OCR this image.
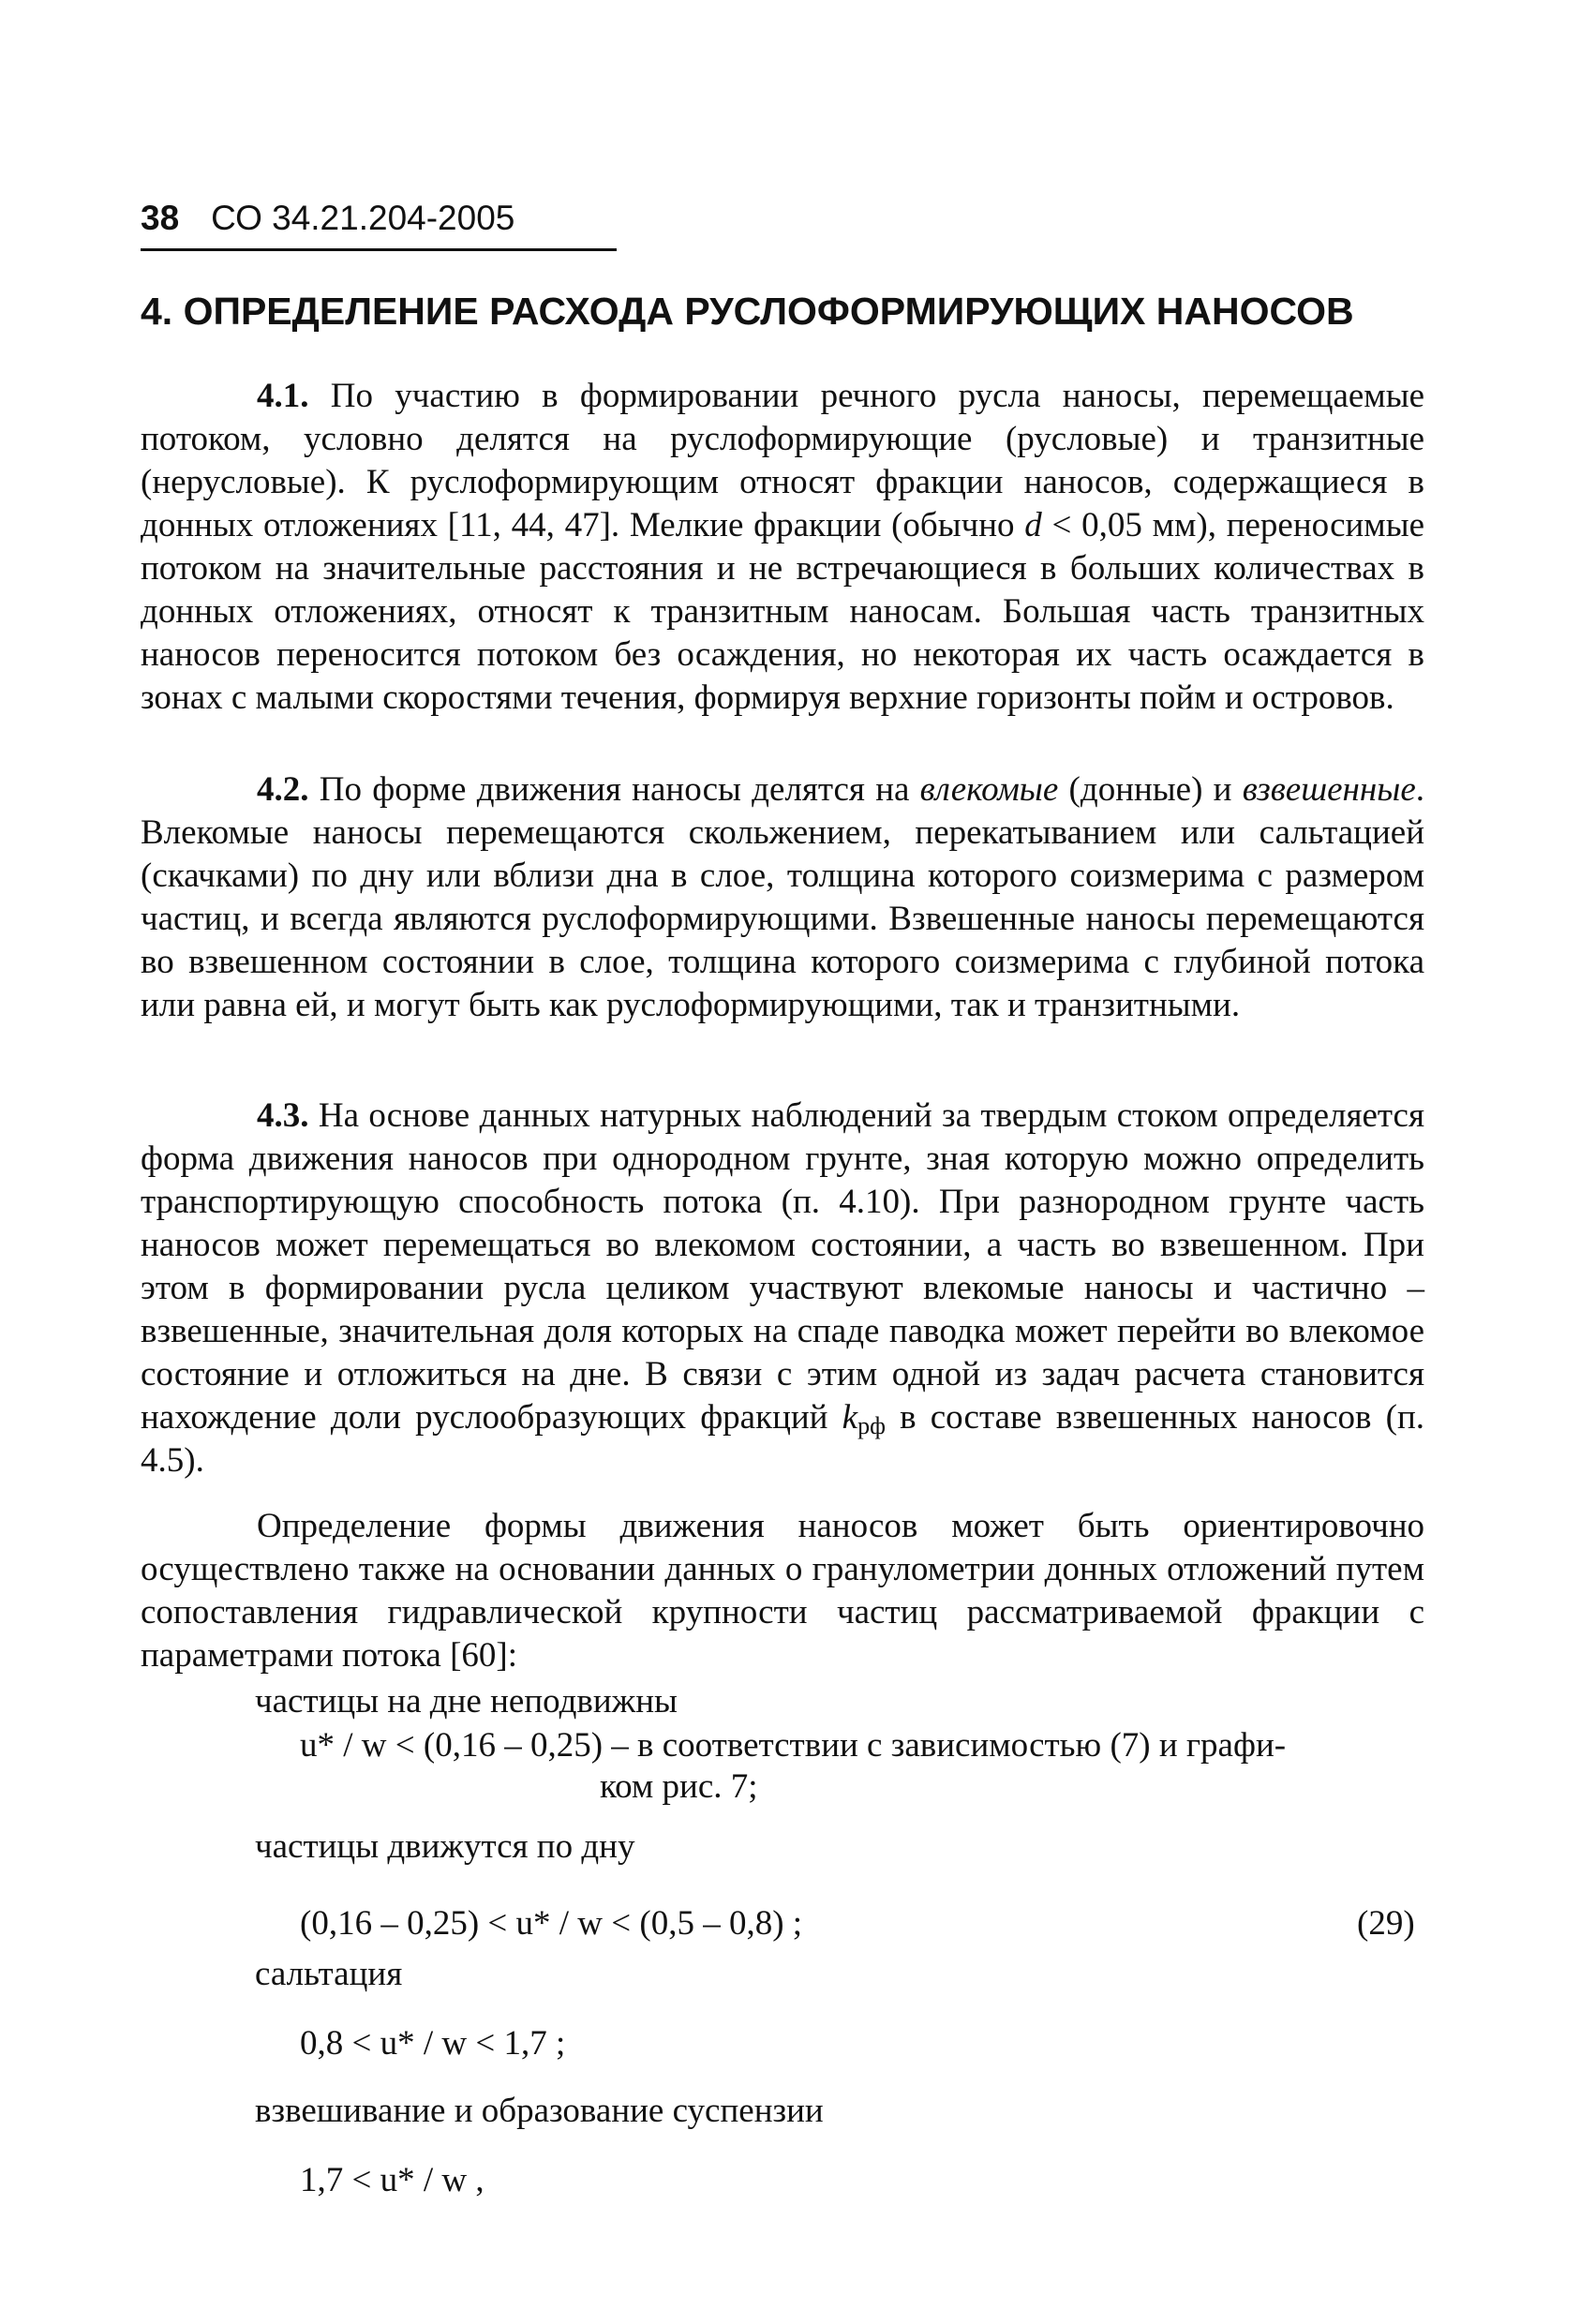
38 СО 34.21.204-2005
4. ОПРЕДЕЛЕНИЕ РАСХОДА РУСЛОФОРМИРУЮЩИХ НАНОСОВ
4.1. По участию в формировании речного русла наносы, перемещаемые потоком, условно делятся на руслоформирующие (русловые) и транзитные (нерусловые). К руслоформирующим относят фракции наносов, содержащиеся в донных отложениях [11, 44, 47]. Мелкие фракции (обычно d < 0,05 мм), переносимые потоком на значительные расстояния и не встречающиеся в больших количествах в донных отложениях, относят к транзитным наносам. Большая часть транзитных наносов переносится потоком без осаждения, но некоторая их часть осаждается в зонах с малыми скоростями течения, формируя верхние горизонты пойм и островов.
4.2. По форме движения наносы делятся на влекомые (донные) и взвешенные. Влекомые наносы перемещаются скольжением, перекатыванием или сальтацией (скачками) по дну или вблизи дна в слое, толщина которого соизмерима с размером частиц, и всегда являются руслоформирующими. Взвешенные наносы перемещаются во взвешенном состоянии в слое, толщина которого соизмерима с глубиной потока или равна ей, и могут быть как руслоформирующими, так и транзитными.
4.3. На основе данных натурных наблюдений за твердым стоком определяется форма движения наносов при однородном грунте, зная которую можно определить транспортирующую способность потока (п. 4.10). При разнородном грунте часть наносов может перемещаться во влекомом состоянии, а часть во взвешенном. При этом в формировании русла целиком участвуют влекомые наносы и частично – взвешенные, значительная доля которых на спаде паводка может перейти во влекомое состояние и отложиться на дне. В связи с этим одной из задач расчета становится нахождение доли руслообразующих фракций $k_{рф}$ в составе взвешенных наносов (п. 4.5).
Определение формы движения наносов может быть ориентировочно осуществлено также на основании данных о гранулометрии донных отложений путем сопоставления гидравлической крупности частиц рассматриваемой фракции с параметрами потока [60]:
частицы на дне неподвижны
u* / w < (0,16 – 0,25) – в соответствии с зависимостью (7) и графи-
ком рис. 7;
частицы движутся по дну
(0,16 – 0,25) < u* / w < (0,5 – 0,8) ;	(29)
сальтация
0,8 < u* / w < 1,7 ;
взвешивание и образование суспензии
1,7 < u* / w ,
